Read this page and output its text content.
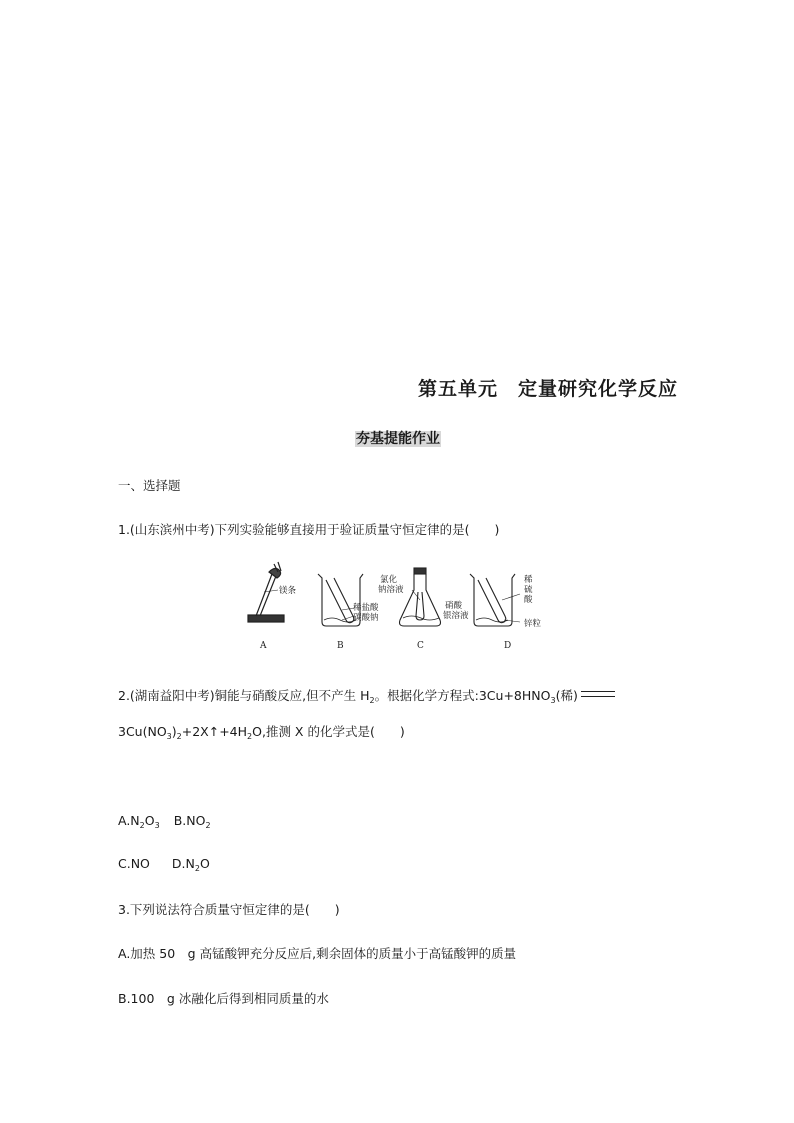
第五单元　定量研究化学反应
夯基提能作业
一、选择题
1.(山东滨州中考)下列实验能够直接用于验证质量守恒定律的是(　　)
镁条
稀盐酸
碳酸钠
氯化
钠溶液
硝酸
银溶液
稀
硫
酸
锌粒
A	B	C	D
2.(湖南益阳中考)铜能与硝酸反应,但不产生 $H_2$。根据化学方程式$:3Cu+8HNO_3$(稀)
$3Cu(NO_3)_2+2X↑+4H_2O$,推测 X 的化学式是(　　)
$A.N_2O_3$ $B.NO_2$
C.NO $D.N_2O$
3.下列说法符合质量守恒定律的是(　　)
A.加热 50　g 高锰酸钾充分反应后,剩余固体的质量小于高锰酸钾的质量
B.100　g 冰融化后得到相同质量的水
